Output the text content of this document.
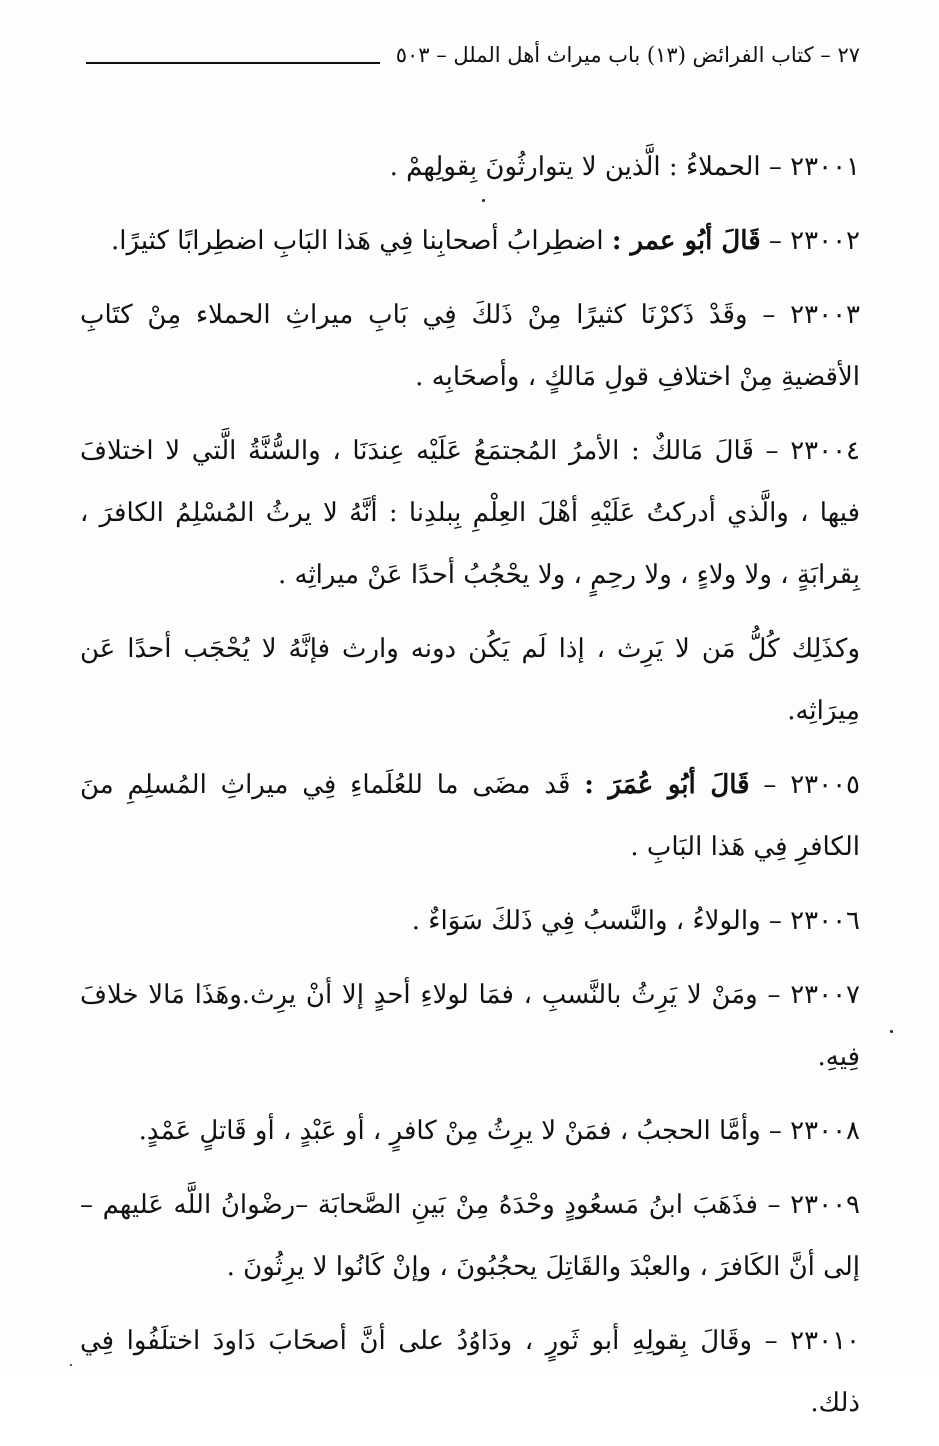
٢٧ – كتاب الفرائض (١٣) باب ميراث أهل الملل – ٥٠٣

٢٣٠٠١ – الحملاءُ : الَّذين لا يتوارثُونَ بِقولِهمْ .

٢٣٠٠٢ – قَالَ أبُو عمر : اضطِرابُ أصحابِنا فِي هَذا البَابِ اضطِرابًا كثيرًا.

٢٣٠٠٣ – وقَدْ ذَكرْنَا كثيرًا مِنْ ذَلكَ فِي بَابِ ميراثِ الحملاء مِنْ كتَابِ الأقضيةِ مِنْ اختلافِ قولِ مَالكٍ ، وأصحَابِه .

٢٣٠٠٤ – قَالَ مَالكٌ : الأمرُ المُجتمَعُ عَلَيْه عِندَنَا ، والسُّنَّةُ الَّتي لا اختلافَ فيها ، والَّذي أدركتُ عَلَيْهِ أهْلَ العِلْمِ بِبلدِنا : أنَّهُ لا يرثُ المُسْلِمُ الكافرَ ، بِقرابَةٍ ، ولا ولاءٍ ، ولا رحِمٍ ، ولا يحْجُبُ أحدًا عَنْ ميراثِه .

وكذَلِك كُلُّ مَن لا يَرِث ، إذا لَم يَكُن دونه وارث فإنَّهُ لا يُحْجَب أحدًا عَن مِيرَاثِه.

٢٣٠٠٥ – قَالَ أبُو عُمَرَ : قَد مضَى ما للعُلَماءِ فِي ميراثِ المُسلِمِ منَ الكافرِ فِي هَذا البَابِ .

٢٣٠٠٦ – والولاءُ ، والنَّسبُ فِي ذَلكَ سَوَاءٌ .

٢٣٠٠٧ – ومَنْ لا يَرِثُ بالنَّسبِ ، فمَا لولاءِ أحدٍ إلا أنْ يرِث.وهَذَا مَالا خلافَ فِيهِ.

٢٣٠٠٨ – وأمَّا الحجبُ ، فمَنْ لا يرِثُ مِنْ كافرٍ ، أو عَبْدٍ ، أو قَاتلٍ عَمْدٍ.

٢٣٠٠٩ – فذَهَبَ ابنُ مَسعُودٍ وحْدَهُ مِنْ بَينِ الصَّحابَة –رضْوانُ اللَّه عَليهم – إلى أنَّ الكَافرَ ، والعبْدَ والقَاتِلَ يحجُبُونَ ، وإنْ كَانُوا لا يرِثُونَ .

٢٣٠١٠ – وقَالَ بِقولِهِ أبو ثَورٍ ، ودَاوُدُ على أنَّ أصحَابَ دَاودَ اختلَفُوا فِي ذلك.
